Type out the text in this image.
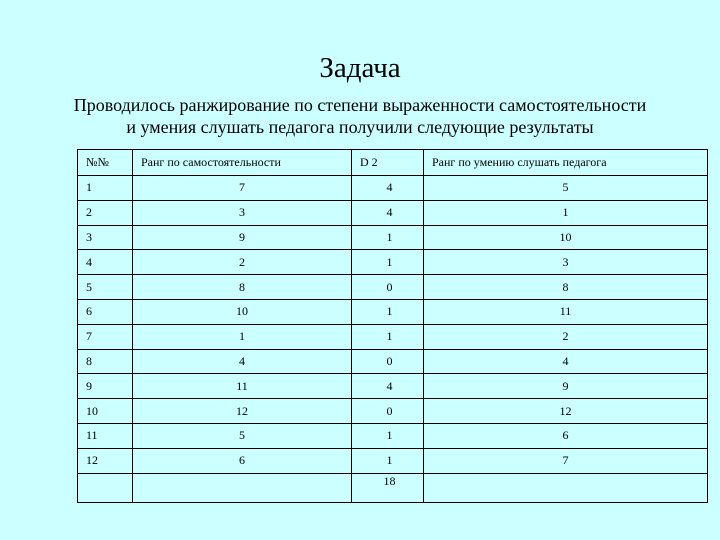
Задача
Проводилось ранжирование по степени выраженности самостоятельности
и умения слушать педагога получили следующие результаты
№№	Ранг по самостоятельности	D 2	Ранг по умению слушать педагога
1	7	4	5
2	3	4	1
3	9	1	10
4	2	1	3
5	8	0	8
6	10	1	11
7	1	1	2
8	4	0	4
9	11	4	9
10	12	0	12
11	5	1	6
12	6	1	7
		18	
